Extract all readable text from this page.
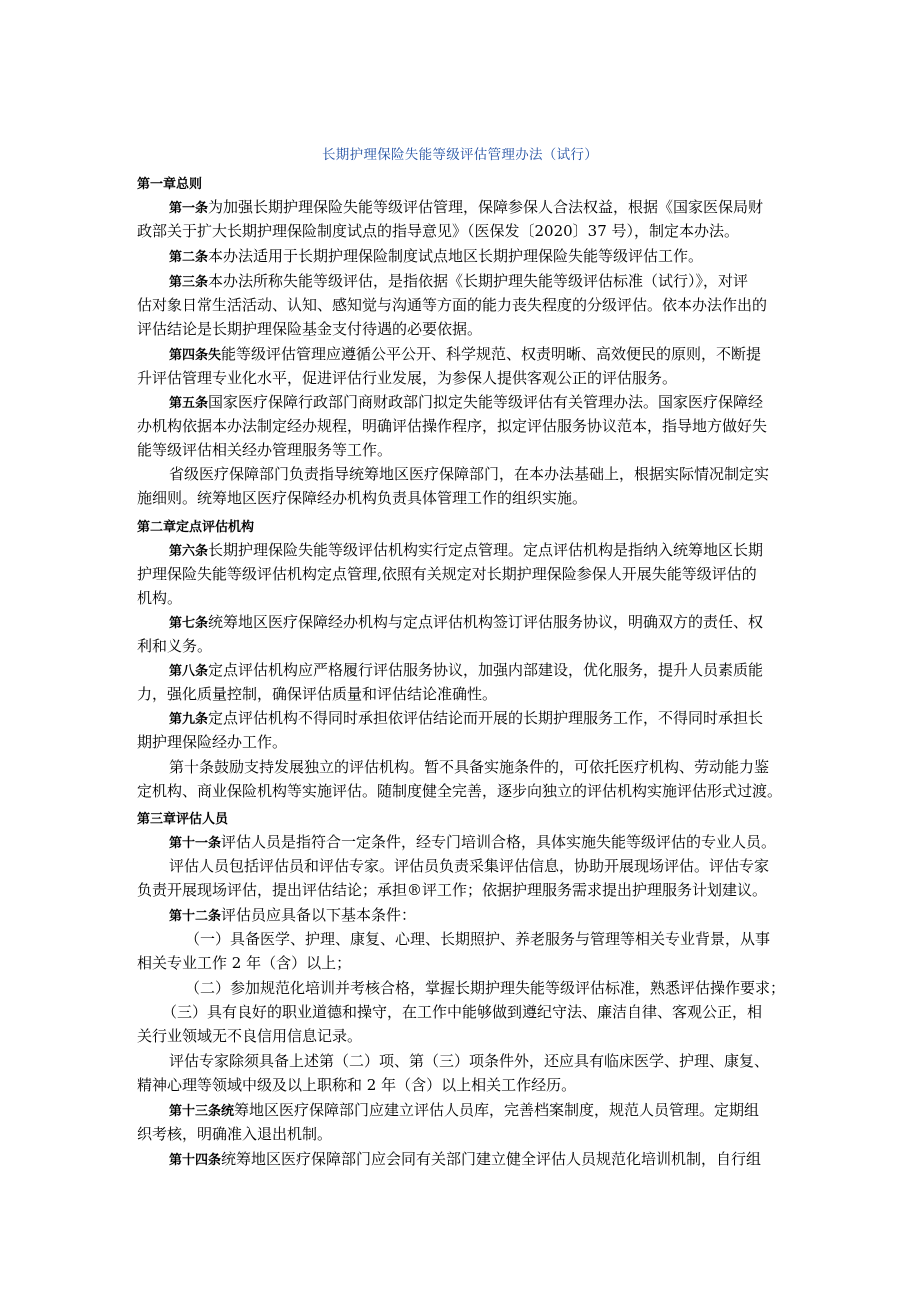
长期护理保险失能等级评估管理办法（试行）
第一章总则
第一条为加强长期护理保险失能等级评估管理，保障参保人合法权益，根据《国家医保局财
政部关于扩大长期护理保险制度试点的指导意见》（医保发〔2020〕37 号），制定本办法。
第二条本办法适用于长期护理保险制度试点地区长期护理保险失能等级评估工作。
第三条本办法所称失能等级评估，是指依据《长期护理失能等级评估标准（试行）》，对评
估对象日常生活活动、认知、感知觉与沟通等方面的能力丧失程度的分级评估。依本办法作出的
评估结论是长期护理保险基金支付待遇的必要依据。
第四条失能等级评估管理应遵循公平公开、科学规范、权责明晰、高效便民的原则，不断提
升评估管理专业化水平，促进评估行业发展，为参保人提供客观公正的评估服务。
第五条国家医疗保障行政部门商财政部门拟定失能等级评估有关管理办法。国家医疗保障经
办机构依据本办法制定经办规程，明确评估操作程序，拟定评估服务协议范本，指导地方做好失
能等级评估相关经办管理服务等工作。
省级医疗保障部门负责指导统筹地区医疗保障部门，在本办法基础上，根据实际情况制定实
施细则。统筹地区医疗保障经办机构负责具体管理工作的组织实施。
第二章定点评估机构
第六条长期护理保险失能等级评估机构实行定点管理。定点评估机构是指纳入统筹地区长期
护理保险失能等级评估机构定点管理,依照有关规定对长期护理保险参保人开展失能等级评估的
机构。
第七条统筹地区医疗保障经办机构与定点评估机构签订评估服务协议，明确双方的责任、权
利和义务。
第八条定点评估机构应严格履行评估服务协议，加强内部建设，优化服务，提升人员素质能
力，强化质量控制，确保评估质量和评估结论准确性。
第九条定点评估机构不得同时承担依评估结论而开展的长期护理服务工作，不得同时承担长
期护理保险经办工作。
第十条鼓励支持发展独立的评估机构。暂不具备实施条件的，可依托医疗机构、劳动能力鉴
定机构、商业保险机构等实施评估。随制度健全完善，逐步向独立的评估机构实施评估形式过渡。
第三章评估人员
第十一条评估人员是指符合一定条件，经专门培训合格，具体实施失能等级评估的专业人员。
评估人员包括评估员和评估专家。评估员负责采集评估信息，协助开展现场评估。评估专家
负责开展现场评估，提出评估结论；承担®评工作；依据护理服务需求提出护理服务计划建议。
第十二条评估员应具备以下基本条件：
（一）具备医学、护理、康复、心理、长期照护、养老服务与管理等相关专业背景，从事
相关专业工作 2 年（含）以上；
（二）参加规范化培训并考核合格，掌握长期护理失能等级评估标准，熟悉评估操作要求；
（三）具有良好的职业道德和操守，在工作中能够做到遵纪守法、廉洁自律、客观公正，相
关行业领域无不良信用信息记录。
评估专家除须具备上述第（二）项、第（三）项条件外，还应具有临床医学、护理、康复、
精神心理等领域中级及以上职称和 2 年（含）以上相关工作经历。
第十三条统筹地区医疗保障部门应建立评估人员库，完善档案制度，规范人员管理。定期组
织考核，明确准入退出机制。
第十四条统筹地区医疗保障部门应会同有关部门建立健全评估人员规范化培训机制，自行组
